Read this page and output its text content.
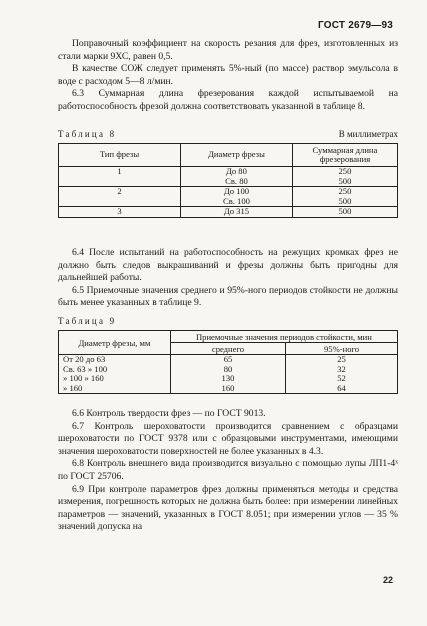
ГОСТ 2679—93

Поправочный коэффициент на скорость резания для фрез, изготовленных из стали марки 9ХС, равен 0,5.

В качестве СОЖ следует применять 5%-ный (по массе) раствор эмульсола в воде с расходом 5—8 л/мин.

6.3 Суммарная длина фрезерования каждой испытываемой на работоспособность фрезой должна соответствовать указанной в таблице 8.

Таблица 8	В миллиметрах
Тип фрезы	Диаметр фрезы	Суммарная длина фрезерования
1	До 80	250
	Св. 80	500
2	До 100	250
	Св. 100	500
3	До 315	500

6.4 После испытаний на работоспособность на режущих кромках фрез не должно быть следов выкрашиваний и фрезы должны быть пригодны для дальнейшей работы.

6.5 Приемочные значения среднего и 95%-ного периодов стойкости не должны быть менее указанных в таблице 9.

Таблица 9
Диаметр фрезы, мм	Приемочные значения периодов стойкости, мин	
	среднего	95%-ного
От 20 до 63	65	25
Св. 63 » 100	80	32
» 100 » 160	130	52
» 160	160	64

6.6 Контроль твердости фрез — по ГОСТ 9013.

6.7 Контроль шероховатости производится сравнением с образцами шероховатости по ГОСТ 9378 или с образцовыми инструментами, имеющими значения шероховатости поверхностей не более указанных в 4.3.

6.8 Контроль внешнего вида производится визуально с помощью лупы ЛП1-4ˣ по ГОСТ 25706.

6.9 При контроле параметров фрез должны применяться методы и средства измерения, погрешность которых не должна быть более: при измерении линейных параметров — значений, указанных в ГОСТ 8.051; при измерении углов — 35 % значений допуска на

22
